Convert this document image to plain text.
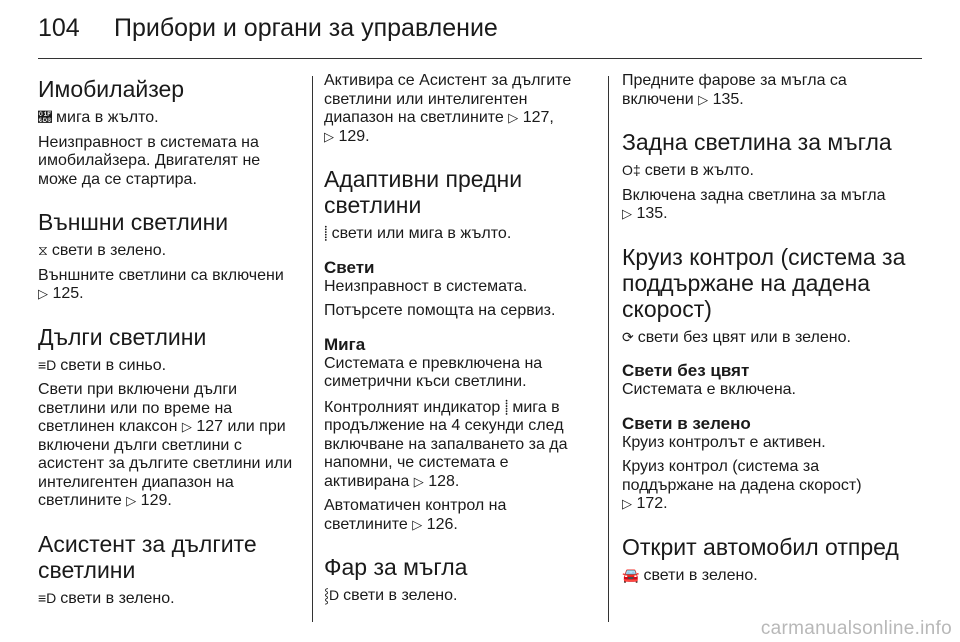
104	Прибори и органи за управление
Имобилайзер

🛘 мига в жълто.

Неизправност в системата на имобилайзера. Двигателят не може да се стартира.

Външни светлини

⧖ свети в зелено.

Външните светлини са включени
▷ 125.

Дълги светлини

≡D свети в синьо.

Свети при включени дълги светлини или по време на светлинен клаксон ▷ 127 или при включени дълги светлини с асистент за дългите светлини или интелигентен диапазон на светлините ▷ 129.

Асистент за дългите светлини

≡D свети в зелено.

Активира се Асистент за дългите светлини или интелигентен диапазон на светлините ▷ 127,
▷ 129.

Адаптивни предни светлини

⸽ свети или мига в жълто.

Свети

Неизправност в системата.

Потърсете помощта на сервиз.

Мига

Системата е превключена на симетрични къси светлини.

Контролният индикатор ⸽ мига в продължение на 4 секунди след включване на запалването за да напомни, че системата е активирана ▷ 128.

Автоматичен контрол на светлините ▷ 126.

Фар за мъгла

⸾D свети в зелено.

Предните фарове за мъгла са включени ▷ 135.

Задна светлина за мъгла

O‡ свети в жълто.

Включена задна светлина за мъгла
▷ 135.

Круиз контрол (система за поддържане на дадена скорост)

⟳ свети без цвят или в зелено.

Свети без цвят

Системата е включена.

Свети в зелено

Круиз контролът е активен.

Круиз контрол (система за поддържане на дадена скорост)
▷ 172.

Открит автомобил отпред

🚘 свети в зелено.

carmanualsonline.info
